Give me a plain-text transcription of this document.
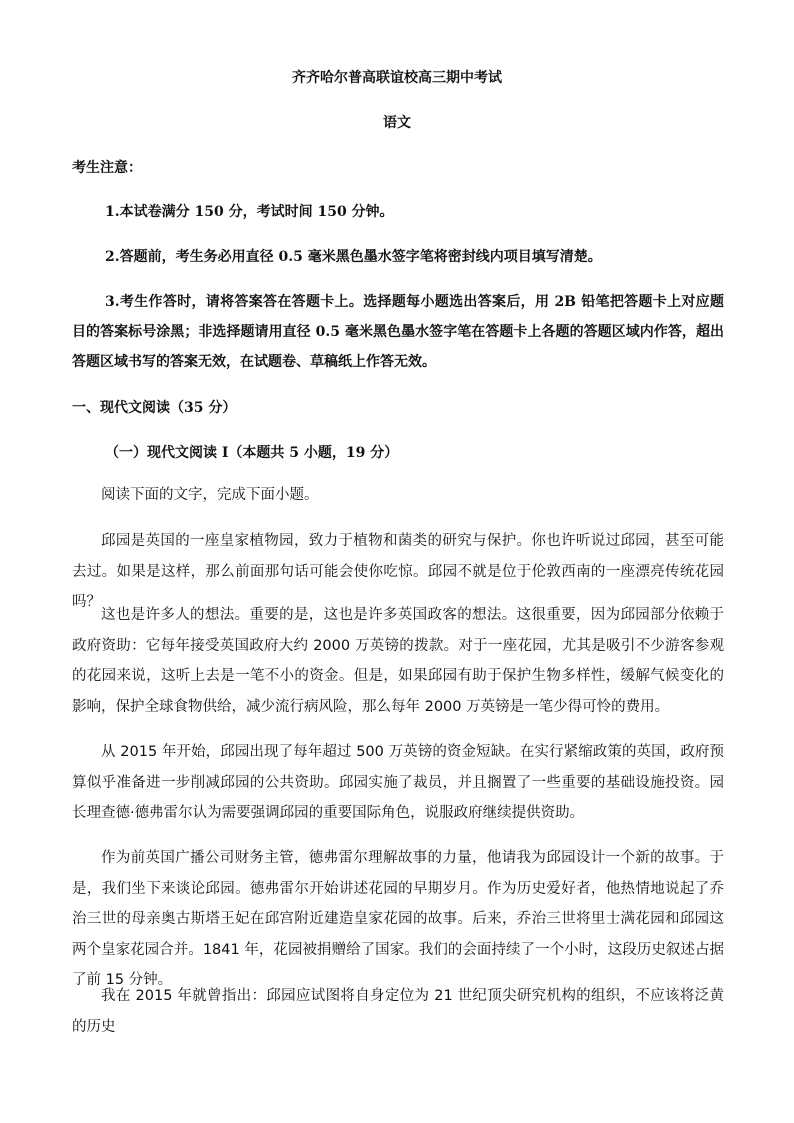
齐齐哈尔普高联谊校高三期中考试
语文
考生注意：
1.本试卷满分 150 分，考试时间 150 分钟。
2.答题前，考生务必用直径 0.5 毫米黑色墨水签字笔将密封线内项目填写清楚。
3.考生作答时，请将答案答在答题卡上。选择题每小题选出答案后，用 2B 铅笔把答题卡上对应题目的答案标号涂黑；非选择题请用直径 0.5 毫米黑色墨水签字笔在答题卡上各题的答题区域内作答，超出答题区域书写的答案无效，在试题卷、草稿纸上作答无效。
一、现代文阅读（35 分）
（一）现代文阅读 I（本题共 5 小题，19 分）
阅读下面的文字，完成下面小题。
邱园是英国的一座皇家植物园，致力于植物和菌类的研究与保护。你也许听说过邱园，甚至可能去过。如果是这样，那么前面那句话可能会使你吃惊。邱园不就是位于伦敦西南的一座漂亮传统花园吗？
这也是许多人的想法。重要的是，这也是许多英国政客的想法。这很重要，因为邱园部分依赖于政府资助：它每年接受英国政府大约 2000 万英镑的拨款。对于一座花园，尤其是吸引不少游客参观的花园来说，这听上去是一笔不小的资金。但是，如果邱园有助于保护生物多样性，缓解气候变化的影响，保护全球食物供给，减少流行病风险，那么每年 2000 万英镑是一笔少得可怜的费用。
从 2015 年开始，邱园出现了每年超过 500 万英镑的资金短缺。在实行紧缩政策的英国，政府预算似乎准备进一步削减邱园的公共资助。邱园实施了裁员，并且搁置了一些重要的基础设施投资。园长理查德·德弗雷尔认为需要强调邱园的重要国际角色，说服政府继续提供资助。
作为前英国广播公司财务主管，德弗雷尔理解故事的力量，他请我为邱园设计一个新的故事。于是，我们坐下来谈论邱园。德弗雷尔开始讲述花园的早期岁月。作为历史爱好者，他热情地说起了乔治三世的母亲奥古斯塔王妃在邱宫附近建造皇家花园的故事。后来，乔治三世将里士满花园和邱园这两个皇家花园合并。1841 年，花园被捐赠给了国家。我们的会面持续了一个小时，这段历史叙述占据了前 15 分钟。
我在 2015 年就曾指出：邱园应试图将自身定位为 21 世纪顶尖研究机构的组织，不应该将泛黄的历史
